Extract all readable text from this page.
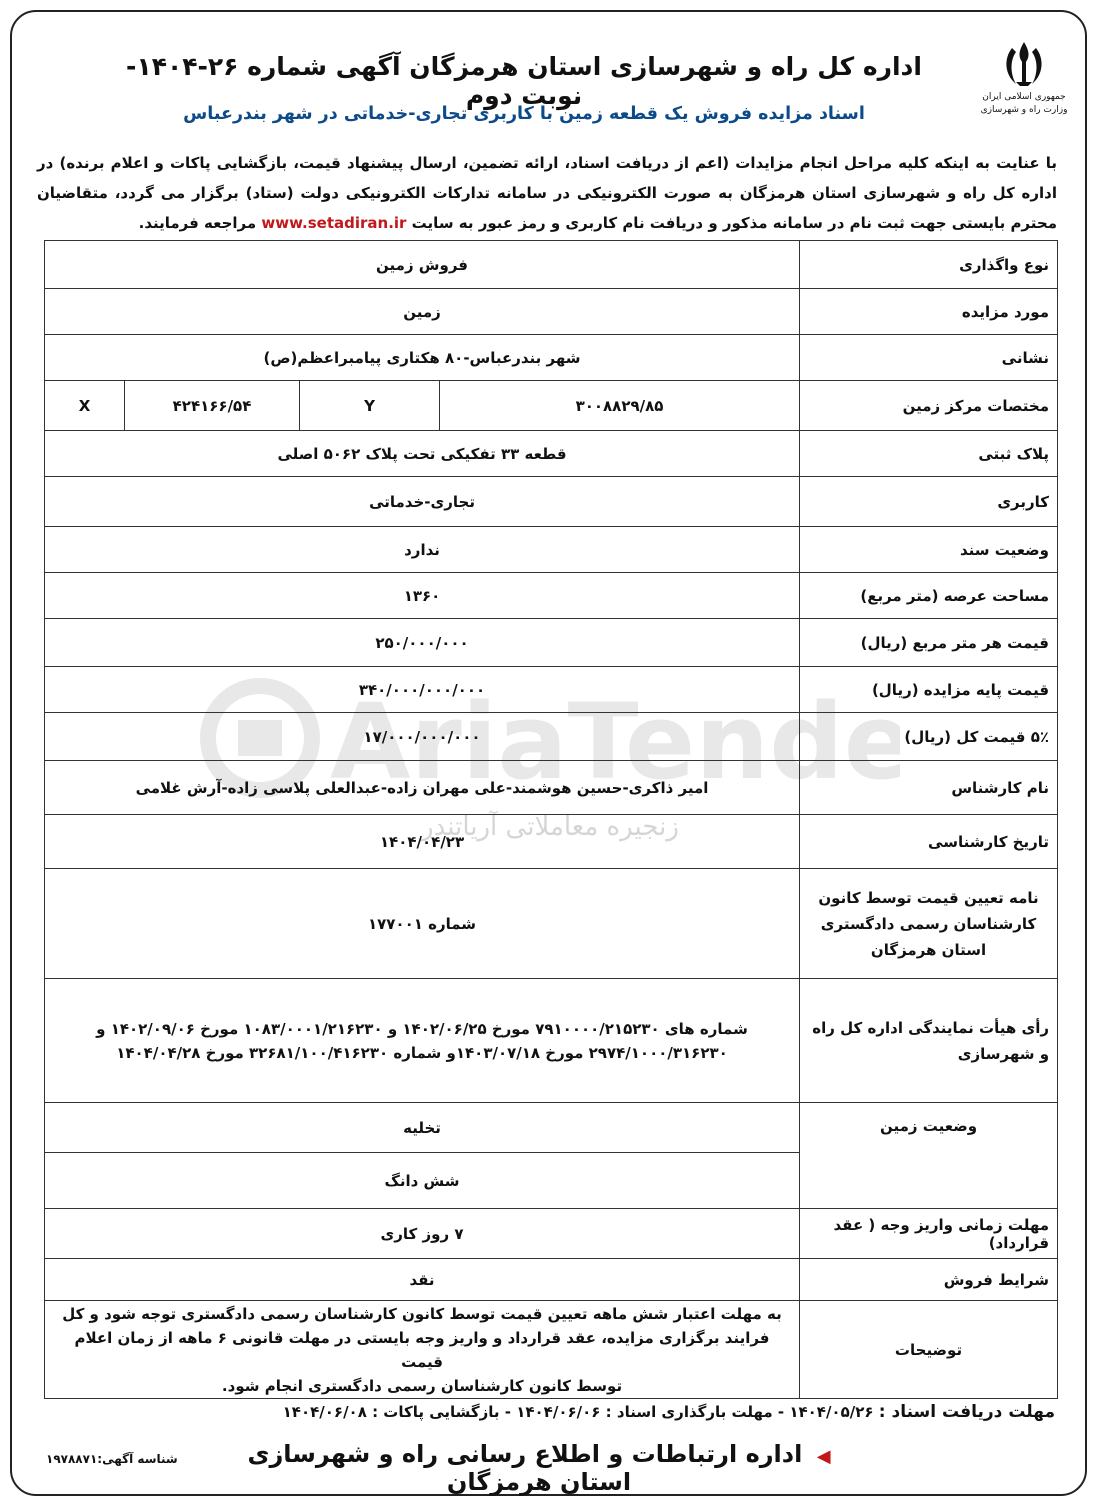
AriaTende
زنجیره معاملاتی آریاتندر
جمهوری اسلامی ایران
وزارت راه و شهرسازی
اداره کل راه و شهرسازی استان هرمزگان آگهی شماره ۲۶-۱۴۰۴- نوبت دوم
اسناد مزایده فروش یک قطعه زمین با کاربری تجاری-خدماتی در شهر بندرعباس
با عنایت به اینکه کلیه مراحل انجام مزایدات (اعم از دریافت اسناد، ارائه تضمین، ارسال پیشنهاد قیمت، بازگشایی پاکات و اعلام برنده) در اداره کل راه و شهرسازی استان هرمزگان به صورت الکترونیکی در سامانه تدارکات الکترونیکی دولت (ستاد) برگزار می گردد، متقاضیان محترم بایستی جهت ثبت نام در سامانه مذکور و دریافت نام کاربری و رمز عبور به سایت www.setadiran.ir مراجعه فرمایند.
نوع واگذاری	فروش زمین			
مورد مزایده	زمین			
نشانی	شهر بندرعباس-۸۰ هکتاری پیامبراعظم(ص)			
مختصات مرکز زمین	۳۰۰۸۸۲۹/۸۵	Y	۴۲۴۱۶۶/۵۴	X
پلاک ثبتی	قطعه ۳۳ تفکیکی تحت پلاک ۵۰۶۲ اصلی			
کاربری	تجاری-خدماتی			
وضعیت سند	ندارد			
مساحت عرصه (متر مربع)	۱۳۶۰			
قیمت هر متر مربع (ریال)	۲۵۰/۰۰۰/۰۰۰			
قیمت پایه مزایده (ریال)	۳۴۰/۰۰۰/۰۰۰/۰۰۰			
۵٪ قیمت کل (ریال)	۱۷/۰۰۰/۰۰۰/۰۰۰			
نام کارشناس	امیر ذاکری-حسین هوشمند-علی مهران زاده-عبدالعلی پلاسی زاده-آرش غلامی			
تاریخ کارشناسی	۱۴۰۴/۰۴/۲۳			
نامه تعیین قیمت توسط کانون کارشناسان رسمی دادگستری استان هرمزگان	شماره ۱۷۷۰۰۱			
رأی هیأت نمایندگی اداره کل راه و شهرسازی	شماره های ۷۹۱۰۰۰۰/۲۱۵۲۳۰ مورخ ۱۴۰۲/۰۶/۲۵ و ۱۰۸۳/۰۰۰۱/۲۱۶۲۳۰ مورخ ۱۴۰۲/۰۹/۰۶ و
۲۹۷۴/۱۰۰۰/۳۱۶۲۳۰ مورخ ۱۴۰۳/۰۷/۱۸و شماره ۳۲۶۸۱/۱۰۰/۴۱۶۲۳۰ مورخ ۱۴۰۴/۰۴/۲۸			

وضعیت زمین	تخلیه			
	شش دانگ			
مهلت زمانی واریز وجه ( عقد قرارداد)	۷ روز کاری			
شرایط فروش	نقد			
توضیحات	به مهلت اعتبار شش ماهه تعیین قیمت توسط کانون کارشناسان رسمی دادگستری توجه شود و کل
فرایند برگزاری مزایده، عقد قرارداد و واریز وجه بایستی در مهلت قانونی ۶ ماهه از زمان اعلام قیمت
توسط کانون کارشناسان رسمی دادگستری انجام شود.			
مهلت دریافت اسناد : ۱۴۰۴/۰۵/۲۶ - مهلت بارگذاری اسناد : ۱۴۰۴/۰۶/۰۶ - بازگشایی پاکات : ۱۴۰۴/۰۶/۰۸
◀ اداره ارتباطات و اطلاع رسانی راه و شهرسازی استان هرمزگان
شناسه آگهی:۱۹۷۸۸۷۱
